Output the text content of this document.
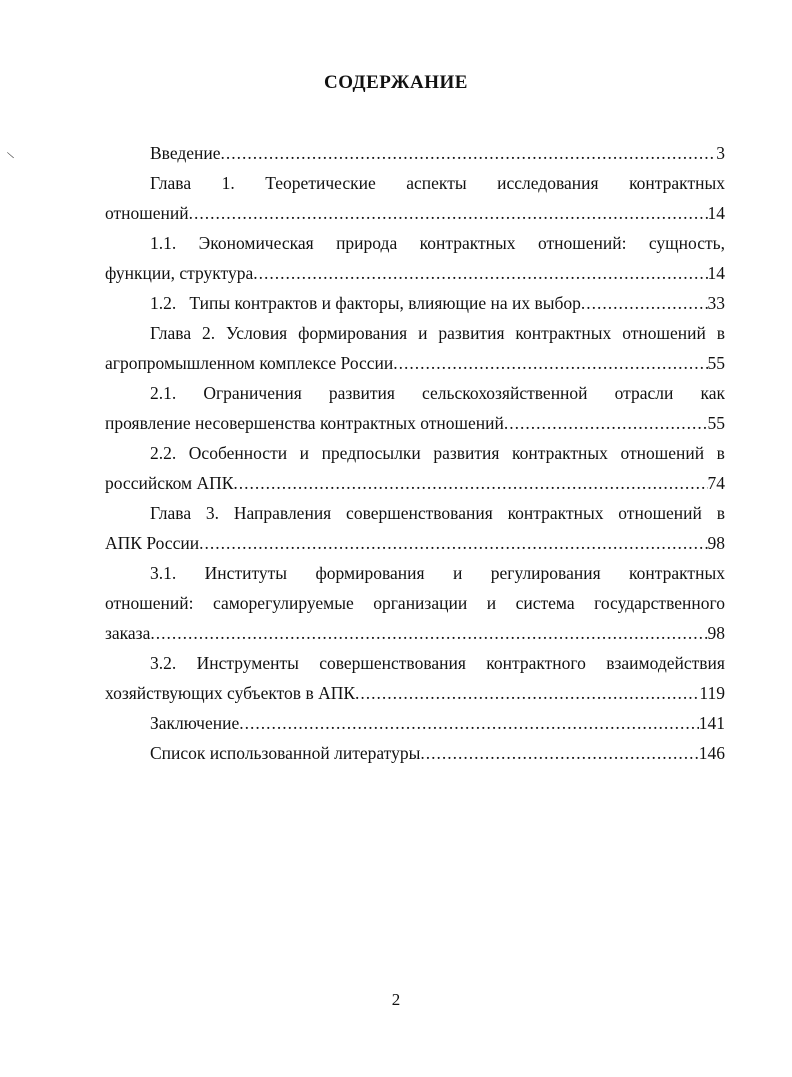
\
СОДЕРЖАНИЕ
Введение .....	3
Глава 1. Теоретические аспекты исследования контрактных
отношений .....	14
1.1. Экономическая природа контрактных отношений: сущность,
функции, структура .....	14
1.2.   Типы контрактов и факторы, влияющие на их выбор .....	33
Глава 2. Условия формирования и развития контрактных отношений в
агропромышленном комплексе России .....	55
2.1. Ограничения развития сельскохозяйственной отрасли как
проявление несовершенства контрактных отношений .....	55
2.2. Особенности и предпосылки развития контрактных отношений в
российском АПК .....	74
Глава 3. Направления совершенствования контрактных отношений в
АПК России .....	98
3.1. Институты формирования и регулирования контрактных
отношений: саморегулируемые организации и система государственного
заказа .....	98
3.2. Инструменты совершенствования контрактного взаимодействия
хозяйствующих субъектов в АПК .....	119
Заключение .....	141
Список использованной литературы .....	146
2
